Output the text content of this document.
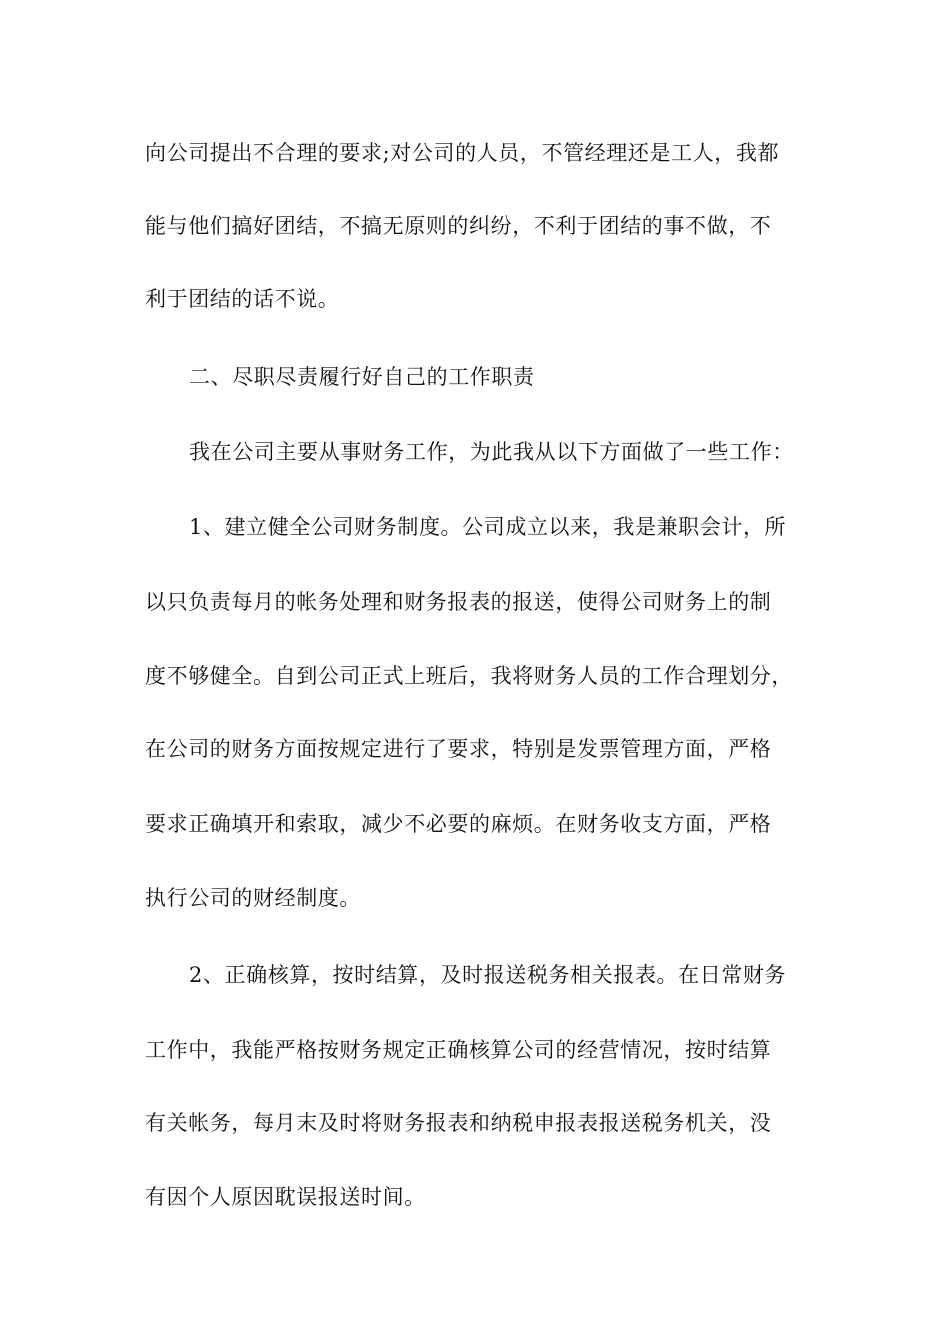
向公司提出不合理的要求;对公司的人员，不管经理还是工人，我都

能与他们搞好团结，不搞无原则的纠纷，不利于团结的事不做，不

利于团结的话不说。

二、尽职尽责履行好自己的工作职责

我在公司主要从事财务工作，为此我从以下方面做了一些工作：

1、建立健全公司财务制度。公司成立以来，我是兼职会计，所

以只负责每月的帐务处理和财务报表的报送，使得公司财务上的制

度不够健全。自到公司正式上班后，我将财务人员的工作合理划分，

在公司的财务方面按规定进行了要求，特别是发票管理方面，严格

要求正确填开和索取，减少不必要的麻烦。在财务收支方面，严格

执行公司的财经制度。

2、正确核算，按时结算，及时报送税务相关报表。在日常财务

工作中，我能严格按财务规定正确核算公司的经营情况，按时结算

有关帐务，每月末及时将财务报表和纳税申报表报送税务机关，没

有因个人原因耽误报送时间。
